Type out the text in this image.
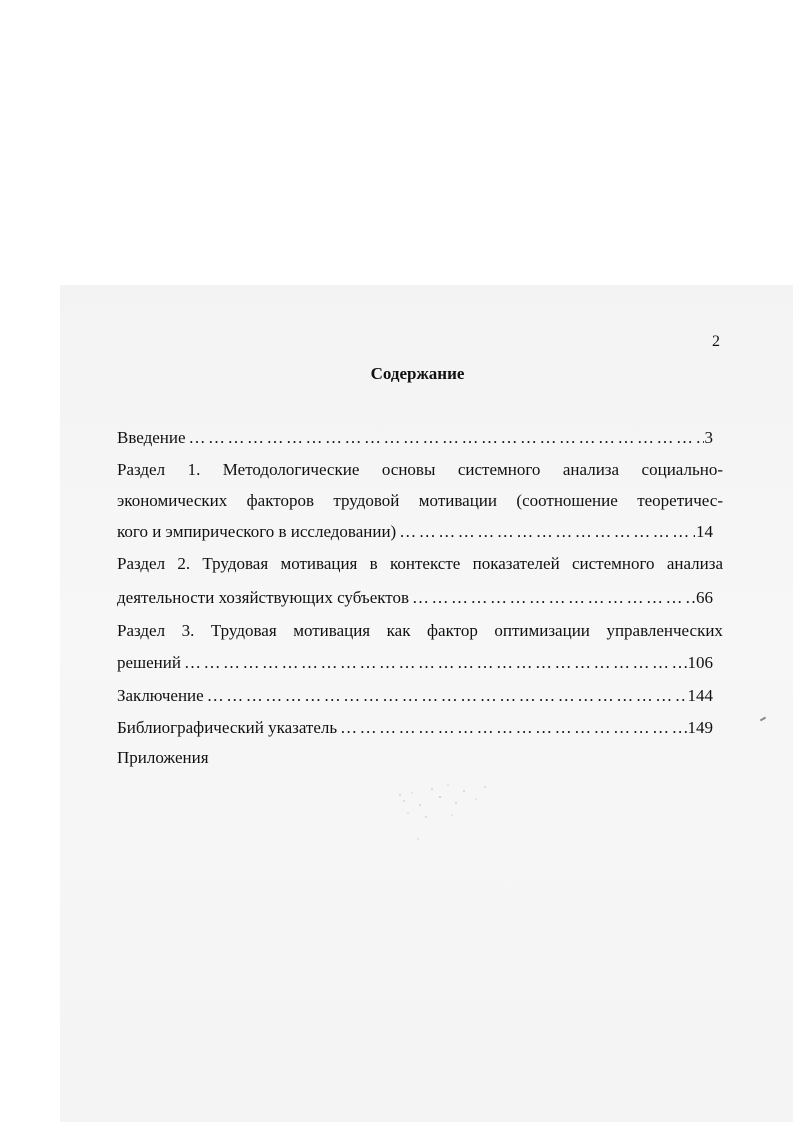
2
Содержание
Введение ……………………………………………………………………………………………………………………………………………………………………	3
Раздел 1. Методологические основы системного анализа социально-
экономических факторов трудовой мотивации (соотношение теоретичес-
кого и эмпирического в исследовании) ……………………………………………………………………………………………………………………………………………………………………	14
Раздел 2. Трудовая мотивация в контексте показателей системного анализа
деятельности хозяйствующих субъектов ……………………………………………………………………………………………………………………………………………………………………	66
Раздел 3. Трудовая мотивация как фактор оптимизации управленческих
решений ……………………………………………………………………………………………………………………………………………………………………	106
Заключение ……………………………………………………………………………………………………………………………………………………………………	144
Библиографический указатель ……………………………………………………………………………………………………………………………………………………………………	149
Приложения
